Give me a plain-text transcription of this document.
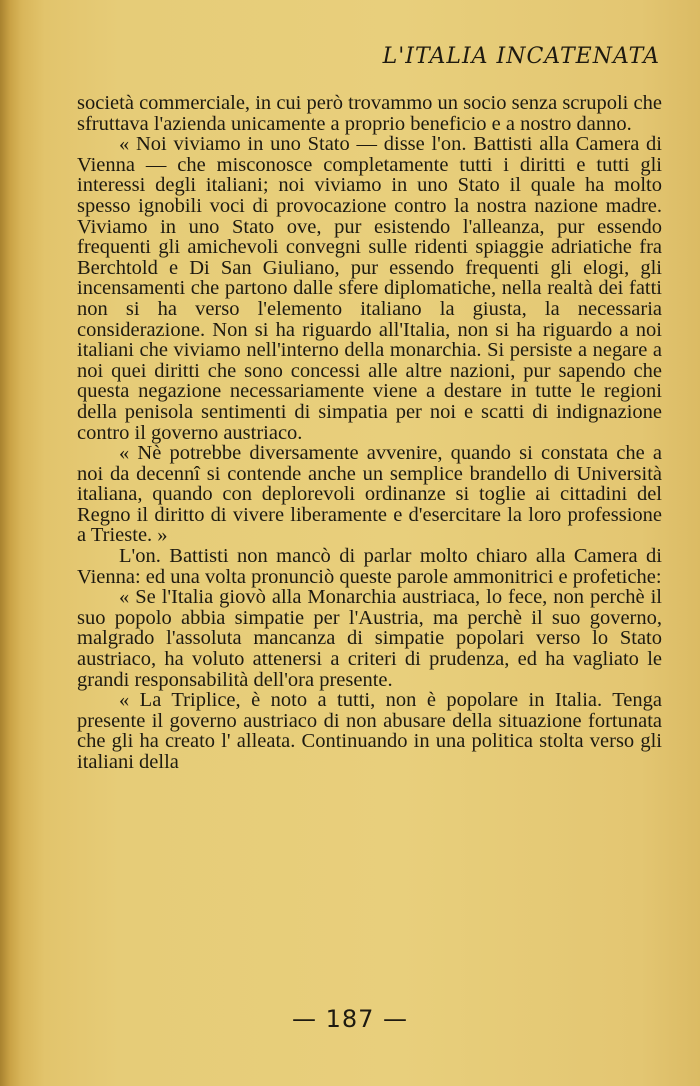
L'ITALIA INCATENATA

società commerciale, in cui però trovammo un socio senza scrupoli che sfruttava l'azienda unicamente a proprio beneficio e a nostro danno.

« Noi viviamo in uno Stato — disse l'on. Battisti alla Camera di Vienna — che misconosce completamente tutti i diritti e tutti gli interessi degli italiani; noi viviamo in uno Stato il quale ha molto spesso ignobili voci di provocazione contro la nostra nazione madre. Viviamo in uno Stato ove, pur esistendo l'alleanza, pur essendo frequenti gli amichevoli convegni sulle ridenti spiaggie adriatiche fra Berchtold e Di San Giuliano, pur essendo frequenti gli elogi, gli incensamenti che partono dalle sfere diplomatiche, nella realtà dei fatti non si ha verso l'elemento italiano la giusta, la necessaria considerazione. Non si ha riguardo all'Italia, non si ha riguardo a noi italiani che viviamo nell'interno della monarchia. Si persiste a negare a noi quei diritti che sono concessi alle altre nazioni, pur sapendo che questa negazione necessariamente viene a destare in tutte le regioni della penisola sentimenti di simpatia per noi e scatti di indignazione contro il governo austriaco.

« Nè potrebbe diversamente avvenire, quando si constata che a noi da decennî si contende anche un semplice brandello di Università italiana, quando con deplorevoli ordinanze si toglie ai cittadini del Regno il diritto di vivere liberamente e d'esercitare la loro professione a Trieste. »

L'on. Battisti non mancò di parlar molto chiaro alla Camera di Vienna: ed una volta pronunciò queste parole ammonitrici e profetiche:

« Se l'Italia giovò alla Monarchia austriaca, lo fece, non perchè il suo popolo abbia simpatie per l'Austria, ma perchè il suo governo, malgrado l'assoluta mancanza di simpatie popolari verso lo Stato austriaco, ha voluto attenersi a criteri di prudenza, ed ha vagliato le grandi responsabilità dell'ora presente.

« La Triplice, è noto a tutti, non è popolare in Italia. Tenga presente il governo austriaco di non abusare della situazione fortunata che gli ha creato l' alleata. Continuando in una politica stolta verso gli italiani della

— 187 —
